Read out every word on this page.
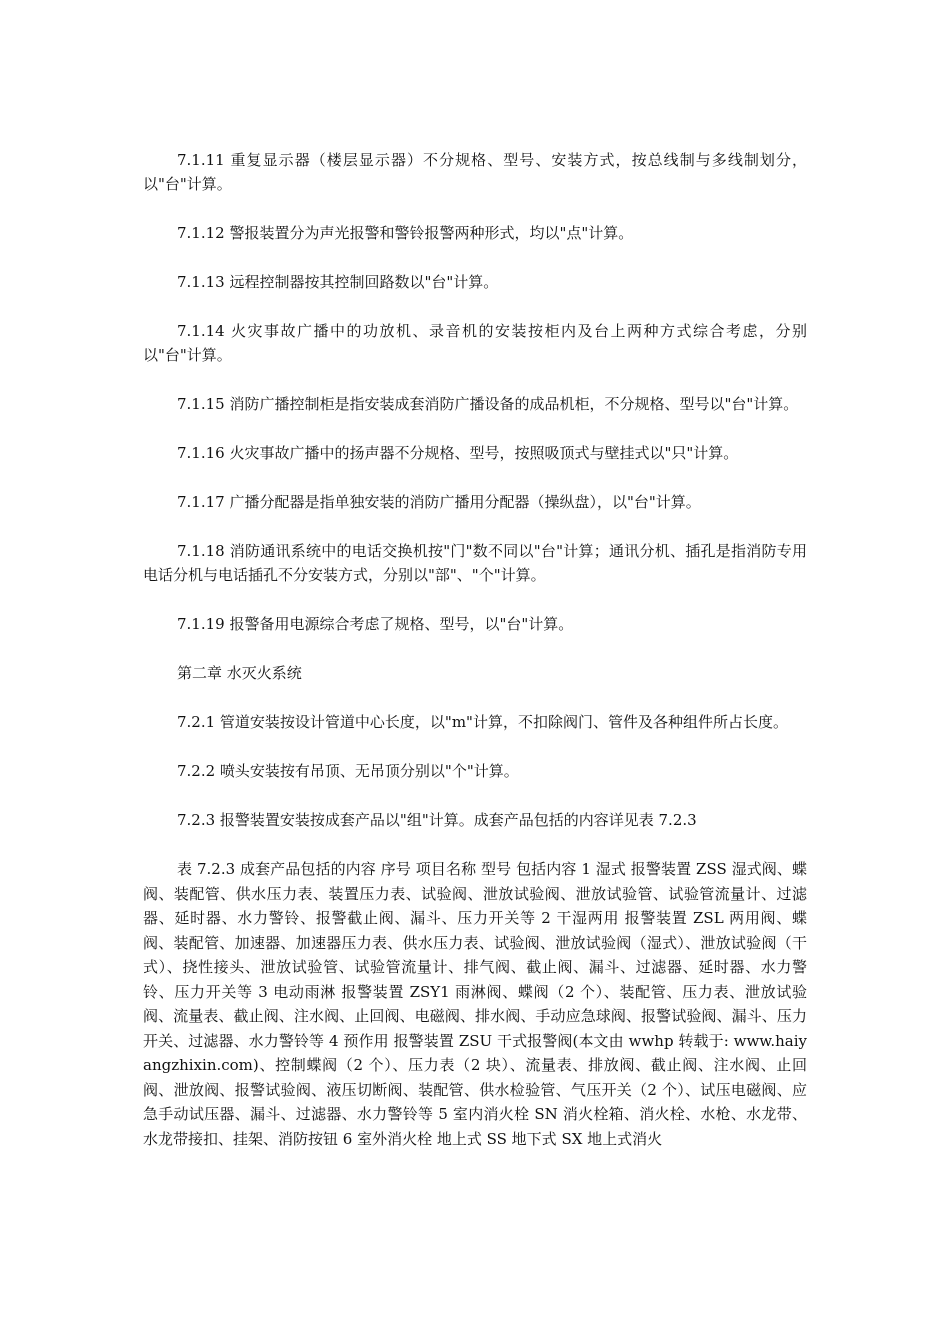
7.1.11 重复显示器（楼层显示器）不分规格、型号、安装方式，按总线制与多线制划分，以"台"计算。

7.1.12 警报装置分为声光报警和警铃报警两种形式，均以"点"计算。

7.1.13 远程控制器按其控制回路数以"台"计算。

7.1.14 火灾事故广播中的功放机、录音机的安装按柜内及台上两种方式综合考虑，分别以"台"计算。

7.1.15 消防广播控制柜是指安装成套消防广播设备的成品机柜，不分规格、型号以"台"计算。

7.1.16 火灾事故广播中的扬声器不分规格、型号，按照吸顶式与壁挂式以"只"计算。

7.1.17 广播分配器是指单独安装的消防广播用分配器（操纵盘），以"台"计算。

7.1.18 消防通讯系统中的电话交换机按"门"数不同以"台"计算；通讯分机、插孔是指消防专用电话分机与电话插孔不分安装方式，分别以"部"、"个"计算。

7.1.19 报警备用电源综合考虑了规格、型号，以"台"计算。

第二章 水灭火系统

7.2.1 管道安装按设计管道中心长度，以"m"计算，不扣除阀门、管件及各种组件所占长度。

7.2.2 喷头安装按有吊顶、无吊顶分别以"个"计算。

7.2.3 报警装置安装按成套产品以"组"计算。成套产品包括的内容详见表 7.2.3

表 7.2.3 成套产品包括的内容 序号 项目名称 型号 包括内容 1 湿式 报警装置 ZSS 湿式阀、蝶阀、装配管、供水压力表、装置压力表、试验阀、泄放试验阀、泄放试验管、试验管流量计、过滤器、延时器、水力警铃、报警截止阀、漏斗、压力开关等 2 干湿两用 报警装置 ZSL 两用阀、蝶阀、装配管、加速器、加速器压力表、供水压力表、试验阀、泄放试验阀（湿式）、泄放试验阀（干式）、挠性接头、泄放试验管、试验管流量计、排气阀、截止阀、漏斗、过滤器、延时器、水力警铃、压力开关等 3 电动雨淋 报警装置 ZSY1 雨淋阀、蝶阀（2 个）、装配管、压力表、泄放试验阀、流量表、截止阀、注水阀、止回阀、电磁阀、排水阀、手动应急球阀、报警试验阀、漏斗、压力开关、过滤器、水力警铃等 4 预作用 报警装置 ZSU 干式报警阀(本文由 wwhp 转载于: www.haiyangzhixin.com)、控制蝶阀（2 个）、压力表（2 块）、流量表、排放阀、截止阀、注水阀、止回阀、泄放阀、报警试验阀、液压切断阀、装配管、供水检验管、气压开关（2 个）、试压电磁阀、应急手动试压器、漏斗、过滤器、水力警铃等 5 室内消火栓 SN 消火栓箱、消火栓、水枪、水龙带、水龙带接扣、挂架、消防按钮 6 室外消火栓 地上式 SS 地下式 SX 地上式消火
